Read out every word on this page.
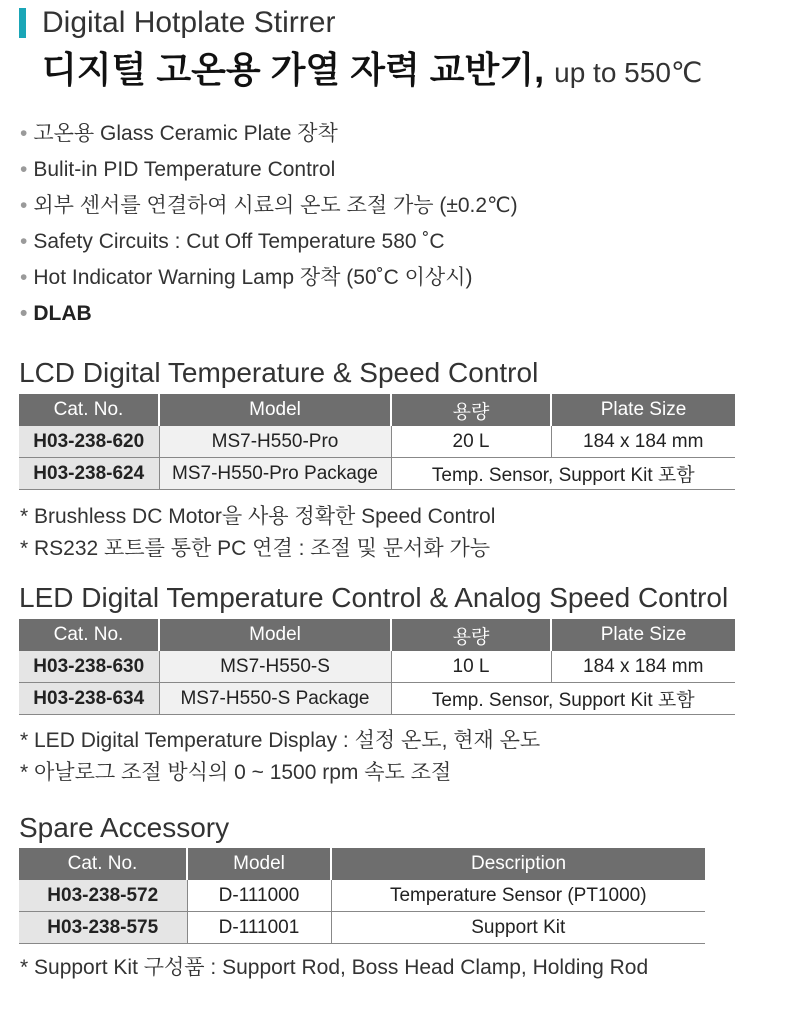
Digital Hotplate Stirrer
디지털 고온용 가열 자력 교반기, up to 550℃
• 고온용 Glass Ceramic Plate 장착
• Bulit-in PID Temperature Control
• 외부 센서를 연결하여 시료의 온도 조절 가능 (±0.2℃)
• Safety Circuits : Cut Off Temperature 580 ˚C
• Hot Indicator Warning Lamp 장착 (50˚C 이상시)
• DLAB
LCD Digital Temperature & Speed Control
Cat. No.	Model	용량	Plate Size
H03-238-620	MS7-H550-Pro	20 L	184 x 184 mm
H03-238-624	MS7-H550-Pro Package	Temp. Sensor, Support Kit 포함	
* Brushless DC Motor을 사용 정확한 Speed Control
* RS232 포트를 통한 PC 연결 : 조절 및 문서화 가능
LED Digital Temperature Control & Analog Speed Control
Cat. No.	Model	용량	Plate Size
H03-238-630	MS7-H550-S	10 L	184 x 184 mm
H03-238-634	MS7-H550-S Package	Temp. Sensor, Support Kit 포함	
* LED Digital Temperature Display : 설정 온도, 현재 온도
* 아날로그 조절 방식의 0 ~ 1500 rpm 속도 조절
Spare Accessory
Cat. No.	Model	Description
H03-238-572	D-111000	Temperature Sensor (PT1000)
H03-238-575	D-111001	Support Kit
* Support Kit 구성품 : Support Rod, Boss Head Clamp, Holding Rod
